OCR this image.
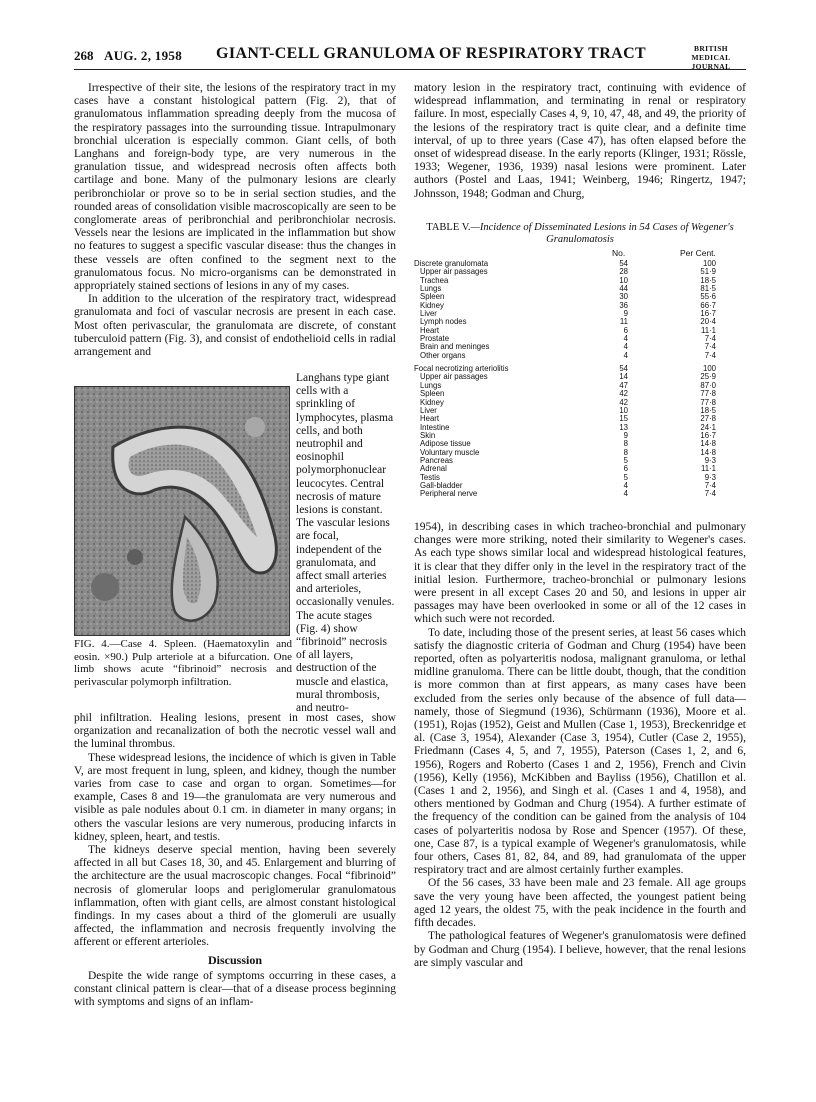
268 AUG. 2, 1958 GIANT-CELL GRANULOMA OF RESPIRATORY TRACT	BRITISH
MEDICAL JOURNAL

Irrespective of their site, the lesions of the respiratory tract in my cases have a constant histological pattern (Fig. 2), that of granulomatous inflammation spreading deeply from the mucosa of the respiratory passages into the surrounding tissue. Intrapulmonary bronchial ulceration is especially common. Giant cells, of both Langhans and foreign-body type, are very numerous in the granulation tissue, and widespread necrosis often affects both cartilage and bone. Many of the pulmonary lesions are clearly peribronchiolar or prove so to be in serial section studies, and the rounded areas of consolidation visible macroscopically are seen to be conglomerate areas of peribronchial and peribronchiolar necrosis. Vessels near the lesions are implicated in the inflammation but show no features to suggest a specific vascular disease: thus the changes in these vessels are often confined to the segment next to the granulomatous focus. No micro-organisms can be demonstrated in appropriately stained sections of lesions in any of my cases.

In addition to the ulceration of the respiratory tract, widespread granulomata and foci of vascular necrosis are present in each case. Most often perivascular, the granulomata are discrete, of constant tuberculoid pattern (Fig. 3), and consist of endothelioid cells in radial arrangement and

Langhans type giant cells with a sprinkling of lymphocytes, plasma cells, and both neutrophil and eosinophil polymorphonuclear leucocytes. Central necrosis of mature lesions is constant. The vascular lesions are focal, independent of the granulomata, and affect small arteries and arterioles, occasionally venules. The acute stages (Fig. 4) show “fibrinoid” necrosis of all layers, destruction of the muscle and elastica, mural thrombosis, and neutro-
FIG. 4.—Case 4. Spleen. (Haematoxylin and eosin. ×90.) Pulp arteriole at a bifurcation. One limb shows acute “fibrinoid” necrosis and perivascular polymorph infiltration.

phil infiltration. Healing lesions, present in most cases, show organization and recanalization of both the necrotic vessel wall and the luminal thrombus.

These widespread lesions, the incidence of which is given in Table V, are most frequent in lung, spleen, and kidney, though the number varies from case to case and organ to organ. Sometimes—for example, Cases 8 and 19—the granulomata are very numerous and visible as pale nodules about 0.1 cm. in diameter in many organs; in others the vascular lesions are very numerous, producing infarcts in kidney, spleen, heart, and testis.

The kidneys deserve special mention, having been severely affected in all but Cases 18, 30, and 45. Enlargement and blurring of the architecture are the usual macroscopic changes. Focal “fibrinoid” necrosis of glomerular loops and periglomerular granulomatous inflammation, often with giant cells, are almost constant histological findings. In my cases about a third of the glomeruli are usually affected, the inflammation and necrosis frequently involving the afferent or efferent arterioles.

Discussion

Despite the wide range of symptoms occurring in these cases, a constant clinical pattern is clear—that of a disease process beginning with symptoms and signs of an inflam-

matory lesion in the respiratory tract, continuing with evidence of widespread inflammation, and terminating in renal or respiratory failure. In most, especially Cases 4, 9, 10, 47, 48, and 49, the priority of the lesions of the respiratory tract is quite clear, and a definite time interval, of up to three years (Case 47), has often elapsed before the onset of widespread disease. In the early reports (Klinger, 1931; Rössle, 1933; Wegener, 1936, 1939) nasal lesions were prominent. Later authors (Postel and Laas, 1941; Weinberg, 1946; Ringertz, 1947; Johnsson, 1948; Godman and Churg,

TABLE V.—Incidence of Disseminated Lesions in 54 Cases of Wegener's Granulomatosis
No.	Per Cent.
Discrete granulomata	54	100
Upper air passages	28	51·9
Trachea	10	18·5
Lungs	44	81·5
Spleen	30	55·6
Kidney	36	66·7
Liver	9	16·7
Lymph nodes	11	20·4
Heart	6	11·1
Prostate	4	7·4
Brain and meninges	4	7·4
Other organs	4	7·4
Focal necrotizing arteriolitis	54	100
Upper air passages	14	25·9
Lungs	47	87·0
Spleen	42	77·8
Kidney	42	77·8
Liver	10	18·5
Heart	15	27·8
Intestine	13	24·1
Skin	9	16·7
Adipose tissue	8	14·8
Voluntary muscle	8	14·8
Pancreas	5	9·3
Adrenal	6	11·1
Testis	5	9·3
Gall-bladder	4	7·4
Peripheral nerve	4	7·4

1954), in describing cases in which tracheo-bronchial and pulmonary changes were more striking, noted their similarity to Wegener's cases. As each type shows similar local and widespread histological features, it is clear that they differ only in the level in the respiratory tract of the initial lesion. Furthermore, tracheo-bronchial or pulmonary lesions were present in all except Cases 20 and 50, and lesions in upper air passages may have been overlooked in some or all of the 12 cases in which such were not recorded.

To date, including those of the present series, at least 56 cases which satisfy the diagnostic criteria of Godman and Churg (1954) have been reported, often as polyarteritis nodosa, malignant granuloma, or lethal midline granuloma. There can be little doubt, though, that the condition is more common than at first appears, as many cases have been excluded from the series only because of the absence of full data—namely, those of Siegmund (1936), Schürmann (1936), Moore et al. (1951), Rojas (1952), Geist and Mullen (Case 1, 1953), Breckenridge et al. (Case 3, 1954), Alexander (Case 3, 1954), Cutler (Case 2, 1955), Friedmann (Cases 4, 5, and 7, 1955), Paterson (Cases 1, 2, and 6, 1956), Rogers and Roberto (Cases 1 and 2, 1956), French and Civin (1956), Kelly (1956), McKibben and Bayliss (1956), Chatillon et al. (Cases 1 and 2, 1956), and Singh et al. (Cases 1 and 4, 1958), and others mentioned by Godman and Churg (1954). A further estimate of the frequency of the condition can be gained from the analysis of 104 cases of polyarteritis nodosa by Rose and Spencer (1957). Of these, one, Case 87, is a typical example of Wegener's granulomatosis, while four others, Cases 81, 82, 84, and 89, had granulomata of the upper respiratory tract and are almost certainly further examples.

Of the 56 cases, 33 have been male and 23 female. All age groups save the very young have been affected, the youngest patient being aged 12 years, the oldest 75, with the peak incidence in the fourth and fifth decades.

The pathological features of Wegener's granulomatosis were defined by Godman and Churg (1954). I believe, however, that the renal lesions are simply vascular and
